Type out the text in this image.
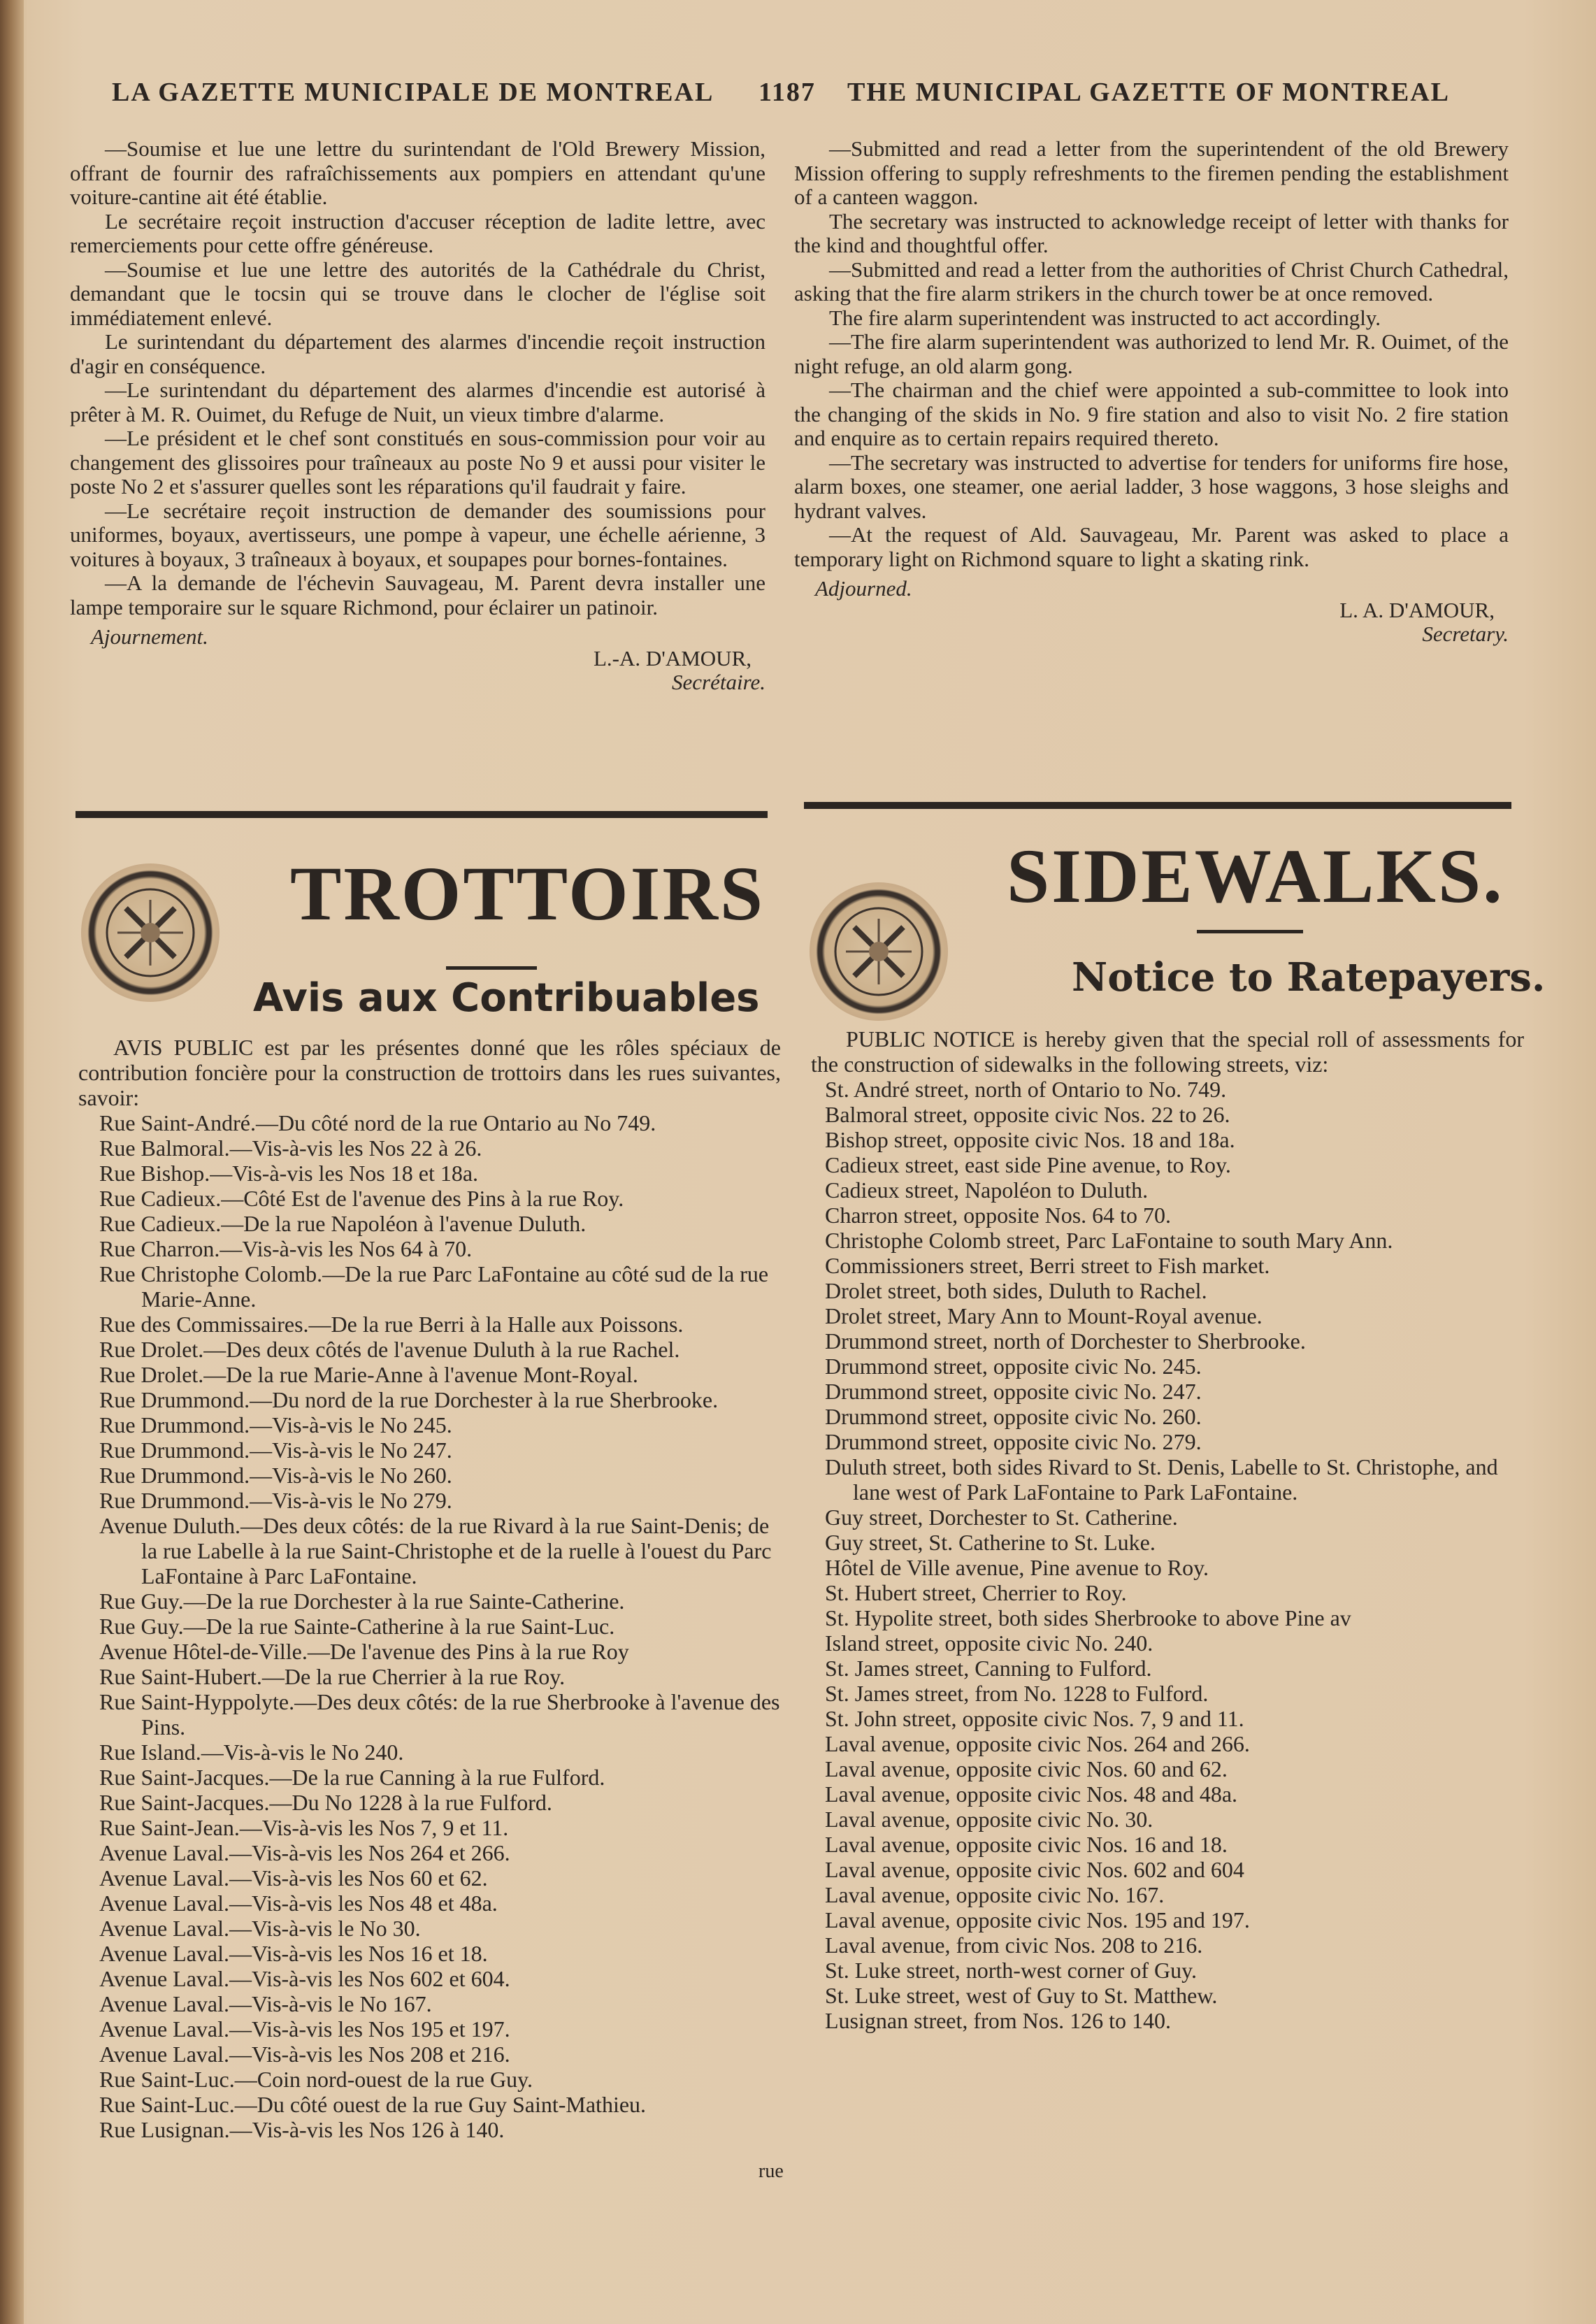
LA GAZETTE MUNICIPALE DE MONTREAL 1187 THE MUNICIPAL GAZETTE OF MONTREAL

—Soumise et lue une lettre du surintendant de l'Old Brewery Mission, offrant de fournir des rafraîchissements aux pompiers en attendant qu'une voiture-cantine ait été établie.

Le secrétaire reçoit instruction d'accuser réception de ladite lettre, avec remerciements pour cette offre généreuse.

—Soumise et lue une lettre des autorités de la Cathédrale du Christ, demandant que le tocsin qui se trouve dans le clocher de l'église soit immédiatement enlevé.

Le surintendant du département des alarmes d'incendie reçoit instruction d'agir en conséquence.

—Le surintendant du département des alarmes d'incendie est autorisé à prêter à M. R. Ouimet, du Refuge de Nuit, un vieux timbre d'alarme.

—Le président et le chef sont constitués en sous-commission pour voir au changement des glissoires pour traîneaux au poste No 9 et aussi pour visiter le poste No 2 et s'assurer quelles sont les réparations qu'il faudrait y faire.

—Le secrétaire reçoit instruction de demander des soumissions pour uniformes, boyaux, avertisseurs, une pompe à vapeur, une échelle aérienne, 3 voitures à boyaux, 3 traîneaux à boyaux, et soupapes pour bornes-fontaines.

—A la demande de l'échevin Sauvageau, M. Parent devra installer une lampe temporaire sur le square Richmond, pour éclairer un patinoir.

Ajournement.

L.-A. D'AMOUR,
Secrétaire.

—Submitted and read a letter from the superintendent of the old Brewery Mission offering to supply refreshments to the firemen pending the establishment of a canteen waggon.

The secretary was instructed to acknowledge receipt of letter with thanks for the kind and thoughtful offer.

—Submitted and read a letter from the authorities of Christ Church Cathedral, asking that the fire alarm strikers in the church tower be at once removed.

The fire alarm superintendent was instructed to act accordingly.

—The fire alarm superintendent was authorized to lend Mr. R. Ouimet, of the night refuge, an old alarm gong.

—The chairman and the chief were appointed a sub-committee to look into the changing of the skids in No. 9 fire station and also to visit No. 2 fire station and enquire as to certain repairs required thereto.

—The secretary was instructed to advertise for tenders for uniforms fire hose, alarm boxes, one steamer, one aerial ladder, 3 hose waggons, 3 hose sleighs and hydrant valves.

—At the request of Ald. Sauvageau, Mr. Parent was asked to place a temporary light on Richmond square to light a skating rink.

Adjourned.

L. A. D'AMOUR,
Secretary.
TROTTOIRS	SIDEWALKS.
Avis aux Contribuables	Notice to Ratepayers.

AVIS PUBLIC est par les présentes donné que les rôles spéciaux de contribution foncière pour la construction de trottoirs dans les rues suivantes, savoir:

Rue Saint-André.—Du côté nord de la rue Ontario au No 749.
Rue Balmoral.—Vis-à-vis les Nos 22 à 26.
Rue Bishop.—Vis-à-vis les Nos 18 et 18a.
Rue Cadieux.—Côté Est de l'avenue des Pins à la rue Roy.
Rue Cadieux.—De la rue Napoléon à l'avenue Duluth.
Rue Charron.—Vis-à-vis les Nos 64 à 70.
Rue Christophe Colomb.—De la rue Parc LaFontaine au côté sud de la rue Marie-Anne.
Rue des Commissaires.—De la rue Berri à la Halle aux Poissons.
Rue Drolet.—Des deux côtés de l'avenue Duluth à la rue Rachel.
Rue Drolet.—De la rue Marie-Anne à l'avenue Mont-Royal.
Rue Drummond.—Du nord de la rue Dorchester à la rue Sherbrooke.
Rue Drummond.—Vis-à-vis le No 245.
Rue Drummond.—Vis-à-vis le No 247.
Rue Drummond.—Vis-à-vis le No 260.
Rue Drummond.—Vis-à-vis le No 279.
Avenue Duluth.—Des deux côtés: de la rue Rivard à la rue Saint-Denis; de la rue Labelle à la rue Saint-Christophe et de la ruelle à l'ouest du Parc LaFontaine à Parc LaFontaine.
Rue Guy.—De la rue Dorchester à la rue Sainte-Catherine.
Rue Guy.—De la rue Sainte-Catherine à la rue Saint-Luc.
Avenue Hôtel-de-Ville.—De l'avenue des Pins à la rue Roy
Rue Saint-Hubert.—De la rue Cherrier à la rue Roy.
Rue Saint-Hyppolyte.—Des deux côtés: de la rue Sherbrooke à l'avenue des Pins.
Rue Island.—Vis-à-vis le No 240.
Rue Saint-Jacques.—De la rue Canning à la rue Fulford.
Rue Saint-Jacques.—Du No 1228 à la rue Fulford.
Rue Saint-Jean.—Vis-à-vis les Nos 7, 9 et 11.
Avenue Laval.—Vis-à-vis les Nos 264 et 266.
Avenue Laval.—Vis-à-vis les Nos 60 et 62.
Avenue Laval.—Vis-à-vis les Nos 48 et 48a.
Avenue Laval.—Vis-à-vis le No 30.
Avenue Laval.—Vis-à-vis les Nos 16 et 18.
Avenue Laval.—Vis-à-vis les Nos 602 et 604.
Avenue Laval.—Vis-à-vis le No 167.
Avenue Laval.—Vis-à-vis les Nos 195 et 197.
Avenue Laval.—Vis-à-vis les Nos 208 et 216.
Rue Saint-Luc.—Coin nord-ouest de la rue Guy.
Rue Saint-Luc.—Du côté ouest de la rue Guy Saint-Mathieu.
Rue Lusignan.—Vis-à-vis les Nos 126 à 140.

PUBLIC NOTICE is hereby given that the special roll of assessments for the construction of sidewalks in the following streets, viz:

St. André street, north of Ontario to No. 749.
Balmoral street, opposite civic Nos. 22 to 26.
Bishop street, opposite civic Nos. 18 and 18a.
Cadieux street, east side Pine avenue, to Roy.
Cadieux street, Napoléon to Duluth.
Charron street, opposite Nos. 64 to 70.
Christophe Colomb street, Parc LaFontaine to south Mary Ann.
Commissioners street, Berri street to Fish market.
Drolet street, both sides, Duluth to Rachel.
Drolet street, Mary Ann to Mount-Royal avenue.
Drummond street, north of Dorchester to Sherbrooke.
Drummond street, opposite civic No. 245.
Drummond street, opposite civic No. 247.
Drummond street, opposite civic No. 260.
Drummond street, opposite civic No. 279.
Duluth street, both sides Rivard to St. Denis, Labelle to St. Christophe, and lane west of Park LaFontaine to Park LaFontaine.
Guy street, Dorchester to St. Catherine.
Guy street, St. Catherine to St. Luke.
Hôtel de Ville avenue, Pine avenue to Roy.
St. Hubert street, Cherrier to Roy.
St. Hypolite street, both sides Sherbrooke to above Pine av
Island street, opposite civic No. 240.
St. James street, Canning to Fulford.
St. James street, from No. 1228 to Fulford.
St. John street, opposite civic Nos. 7, 9 and 11.
Laval avenue, opposite civic Nos. 264 and 266.
Laval avenue, opposite civic Nos. 60 and 62.
Laval avenue, opposite civic Nos. 48 and 48a.
Laval avenue, opposite civic No. 30.
Laval avenue, opposite civic Nos. 16 and 18.
Laval avenue, opposite civic Nos. 602 and 604
Laval avenue, opposite civic No. 167.
Laval avenue, opposite civic Nos. 195 and 197.
Laval avenue, from civic Nos. 208 to 216.
St. Luke street, north-west corner of Guy.
St. Luke street, west of Guy to St. Matthew.
Lusignan street, from Nos. 126 to 140.
rue
